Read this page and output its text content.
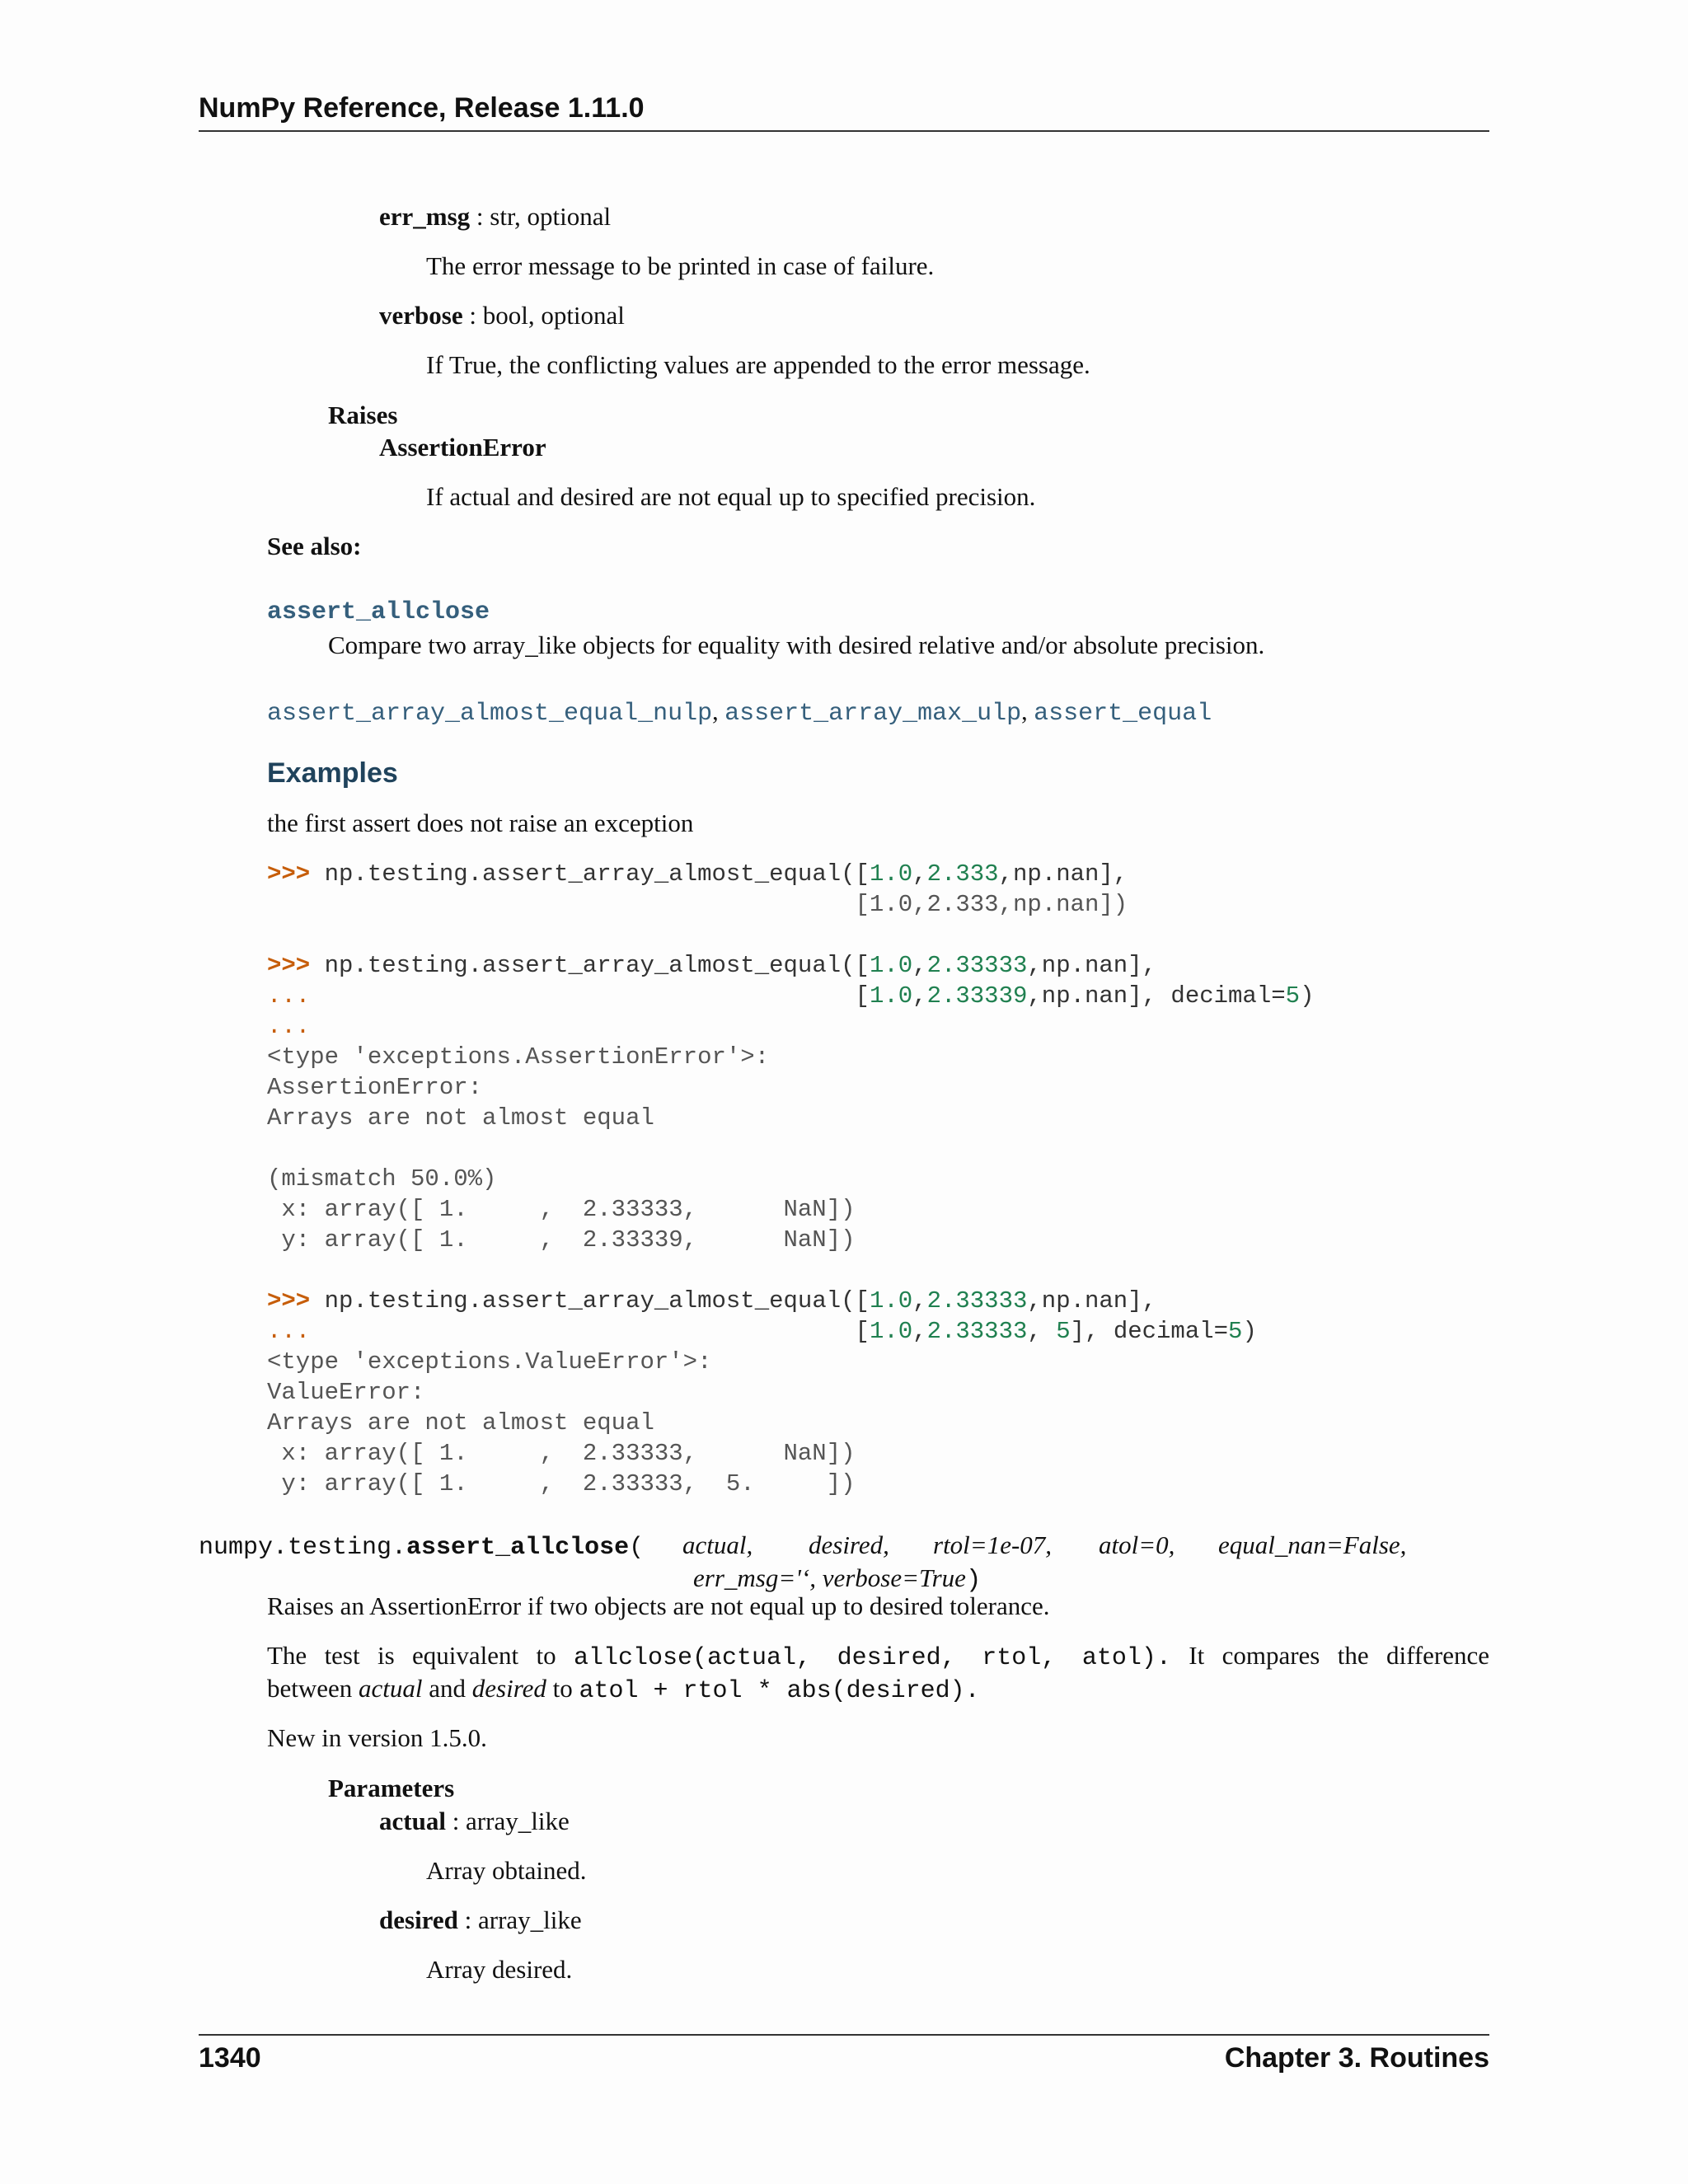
NumPy Reference, Release 1.11.0
err_msg : str, optional
The error message to be printed in case of failure.
verbose : bool, optional
If True, the conflicting values are appended to the error message.
Raises
AssertionError
If actual and desired are not equal up to specified precision.
See also:
assert_allclose
Compare two array_like objects for equality with desired relative and/or absolute precision.
assert_array_almost_equal_nulp, assert_array_max_ulp, assert_equal
Examples
the first assert does not raise an exception
>>> np.testing.assert_array_almost_equal([1.0,2.333,np.nan],
[1.0,2.333,np.nan])

>>> np.testing.assert_array_almost_equal([1.0,2.33333,np.nan],
...                                      [1.0,2.33339,np.nan], decimal=5)
...
<type 'exceptions.AssertionError'>:
AssertionError:
Arrays are not almost equal

(mismatch 50.0%)
x: array([ 1.     ,  2.33333,      NaN])
y: array([ 1.     ,  2.33339,      NaN])

>>> np.testing.assert_array_almost_equal([1.0,2.33333,np.nan],
...                                      [1.0,2.33333, 5], decimal=5)
<type 'exceptions.ValueError'>:
ValueError:
Arrays are not almost equal
x: array([ 1.     ,  2.33333,      NaN])
y: array([ 1.     ,  2.33333,  5.     ])
numpy.testing.assert_allclose( actual, desired, rtol=1e-07, atol=0, equal_nan=False,
err_msg='‘, verbose=True)
Raises an AssertionError if two objects are not equal up to desired tolerance.
The test is equivalent to allclose(actual, desired, rtol, atol). It compares the difference
between actual and desired to atol + rtol * abs(desired).
New in version 1.5.0.
Parameters
actual : array_like
Array obtained.
desired : array_like
Array desired.
1340	Chapter 3. Routines
